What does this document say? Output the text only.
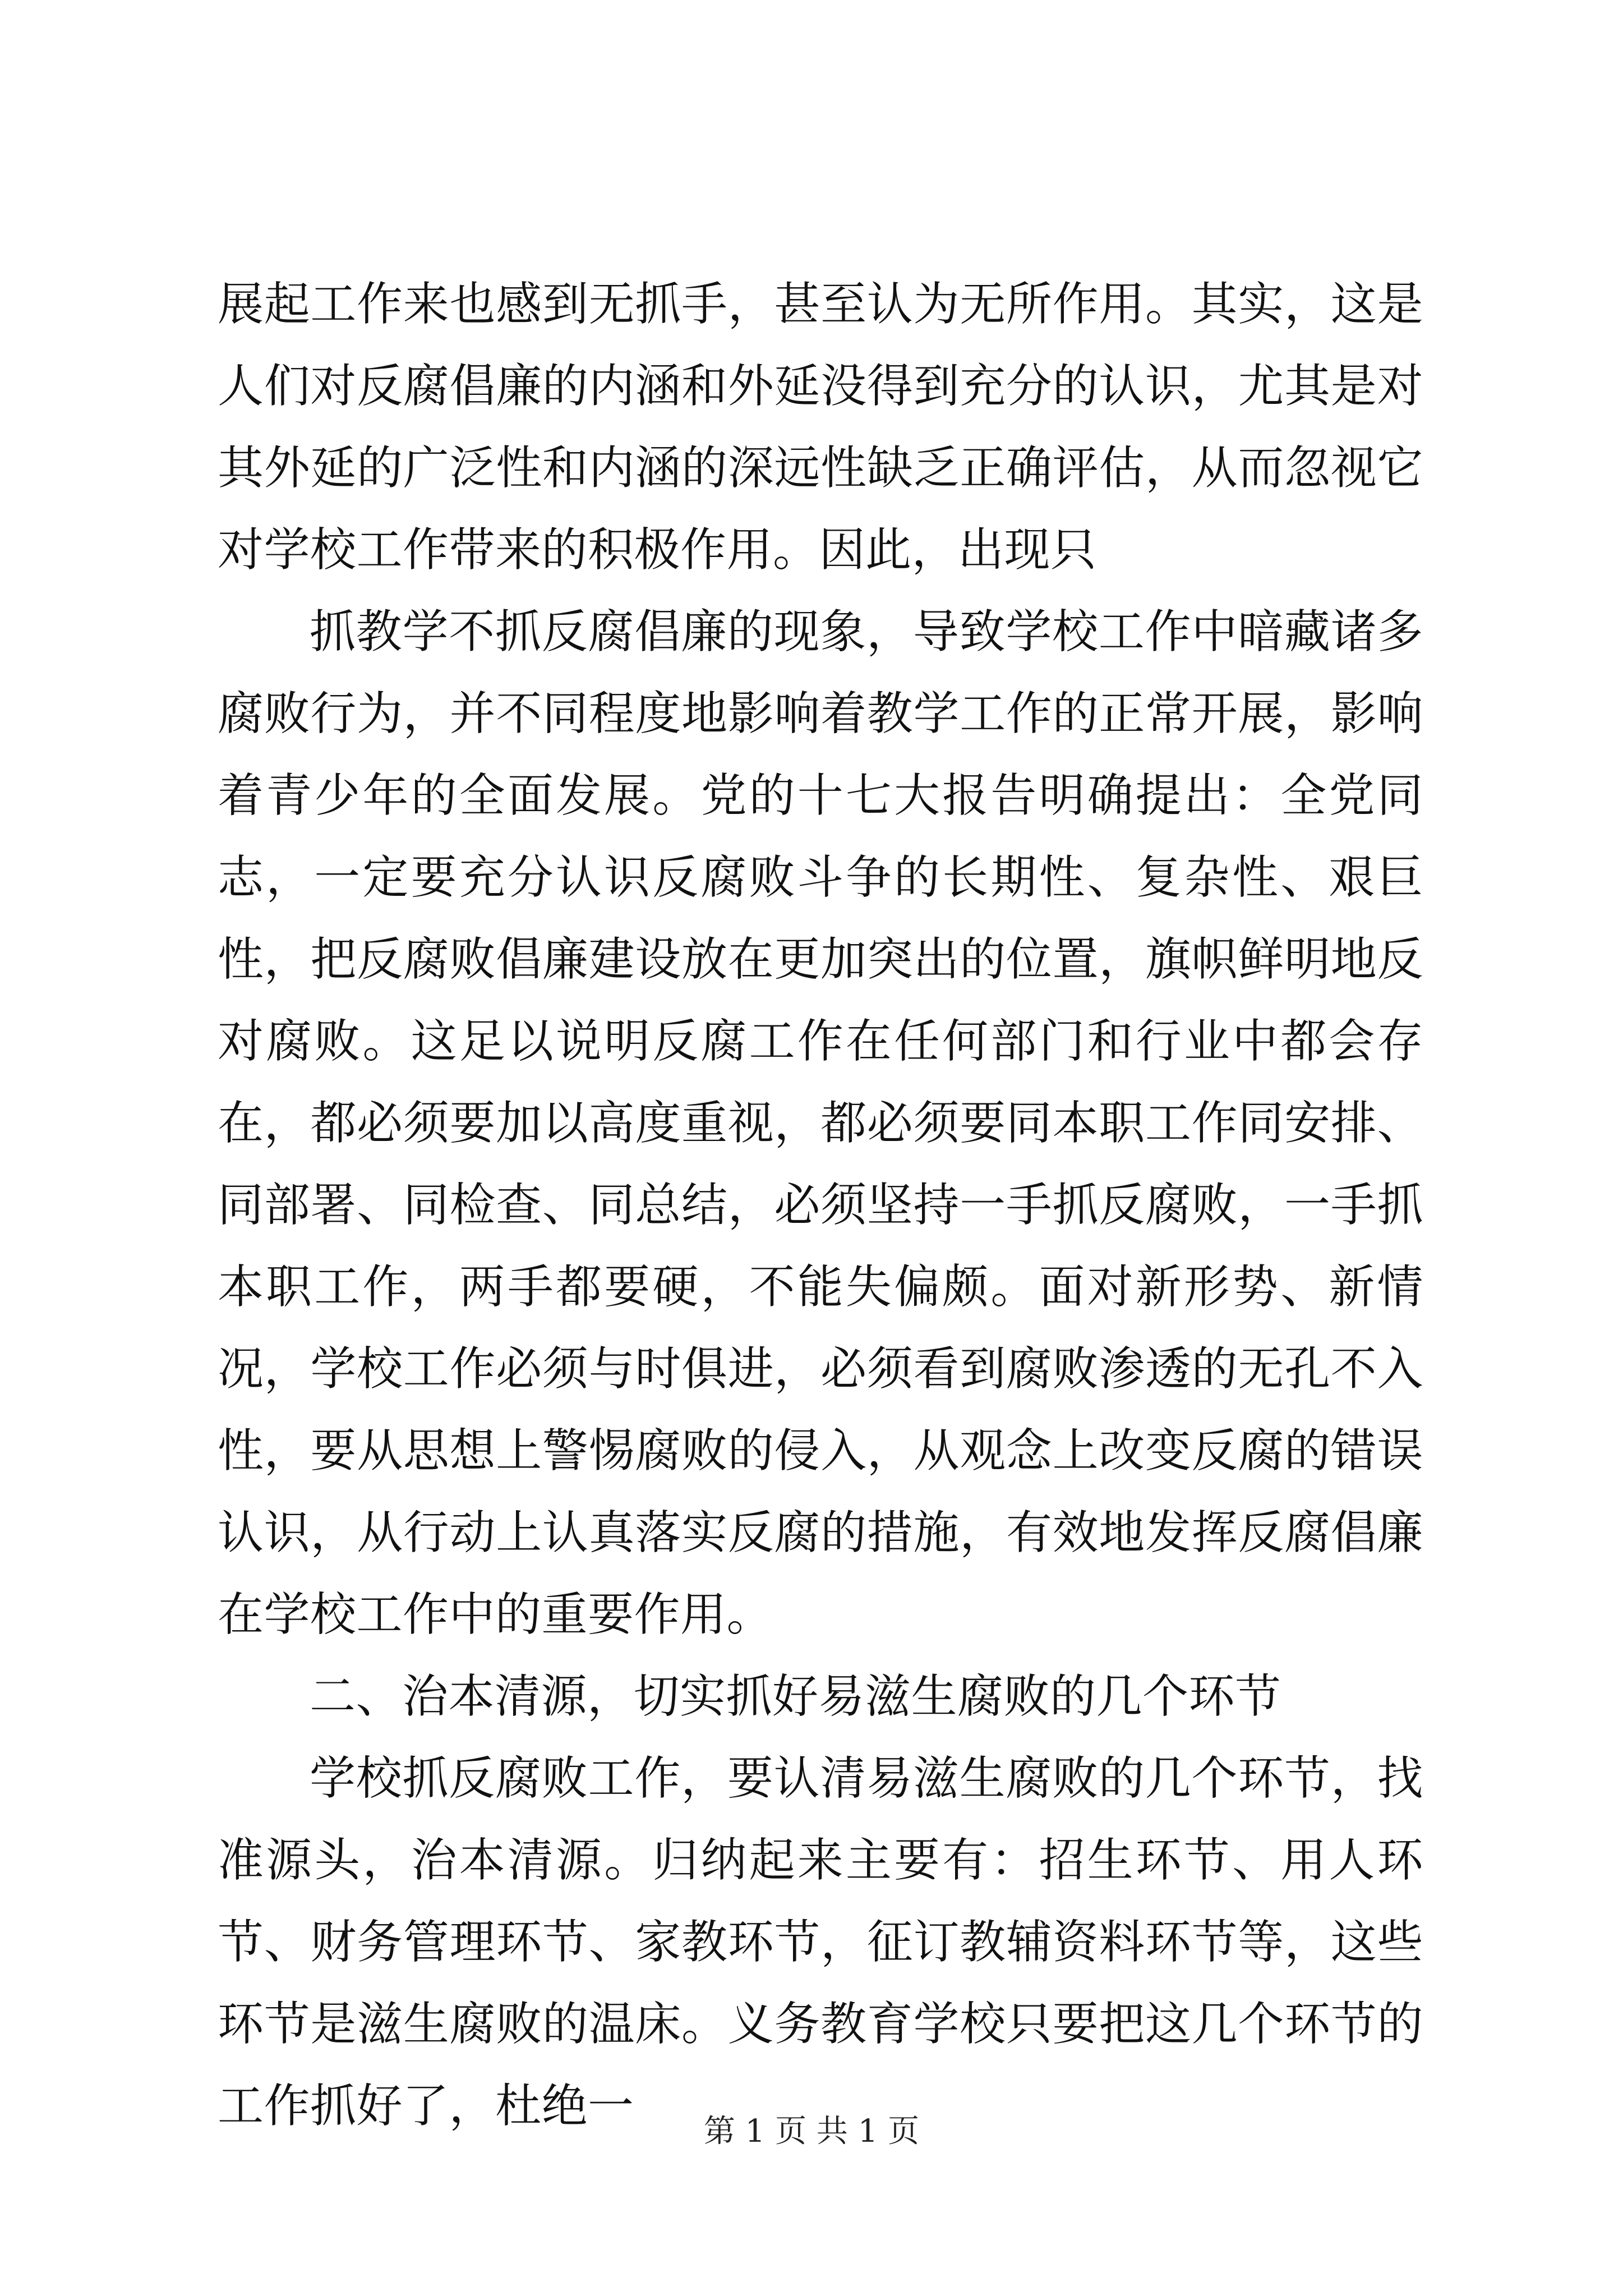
展起工作来也感到无抓手，甚至认为无所作用。其实，这是人们对反腐倡廉的内涵和外延没得到充分的认识，尤其是对其外延的广泛性和内涵的深远性缺乏正确评估，从而忽视它对学校工作带来的积极作用。因此，出现只

抓教学不抓反腐倡廉的现象，导致学校工作中暗藏诸多腐败行为，并不同程度地影响着教学工作的正常开展，影响着青少年的全面发展。党的十七大报告明确提出：全党同志，一定要充分认识反腐败斗争的长期性、复杂性、艰巨性，把反腐败倡廉建设放在更加突出的位置，旗帜鲜明地反对腐败。这足以说明反腐工作在任何部门和行业中都会存在，都必须要加以高度重视，都必须要同本职工作同安排、同部署、同检查、同总结，必须坚持一手抓反腐败，一手抓本职工作，两手都要硬，不能失偏颇。面对新形势、新情况，学校工作必须与时俱进，必须看到腐败渗透的无孔不入性，要从思想上警惕腐败的侵入，从观念上改变反腐的错误认识，从行动上认真落实反腐的措施，有效地发挥反腐倡廉在学校工作中的重要作用。

二、治本清源，切实抓好易滋生腐败的几个环节

学校抓反腐败工作，要认清易滋生腐败的几个环节，找准源头，治本清源。归纳起来主要有：招生环节、用人环节、财务管理环节、家教环节，征订教辅资料环节等，这些环节是滋生腐败的温床。义务教育学校只要把这几个环节的工作抓好了，杜绝一	第 1 页 共 1 页
